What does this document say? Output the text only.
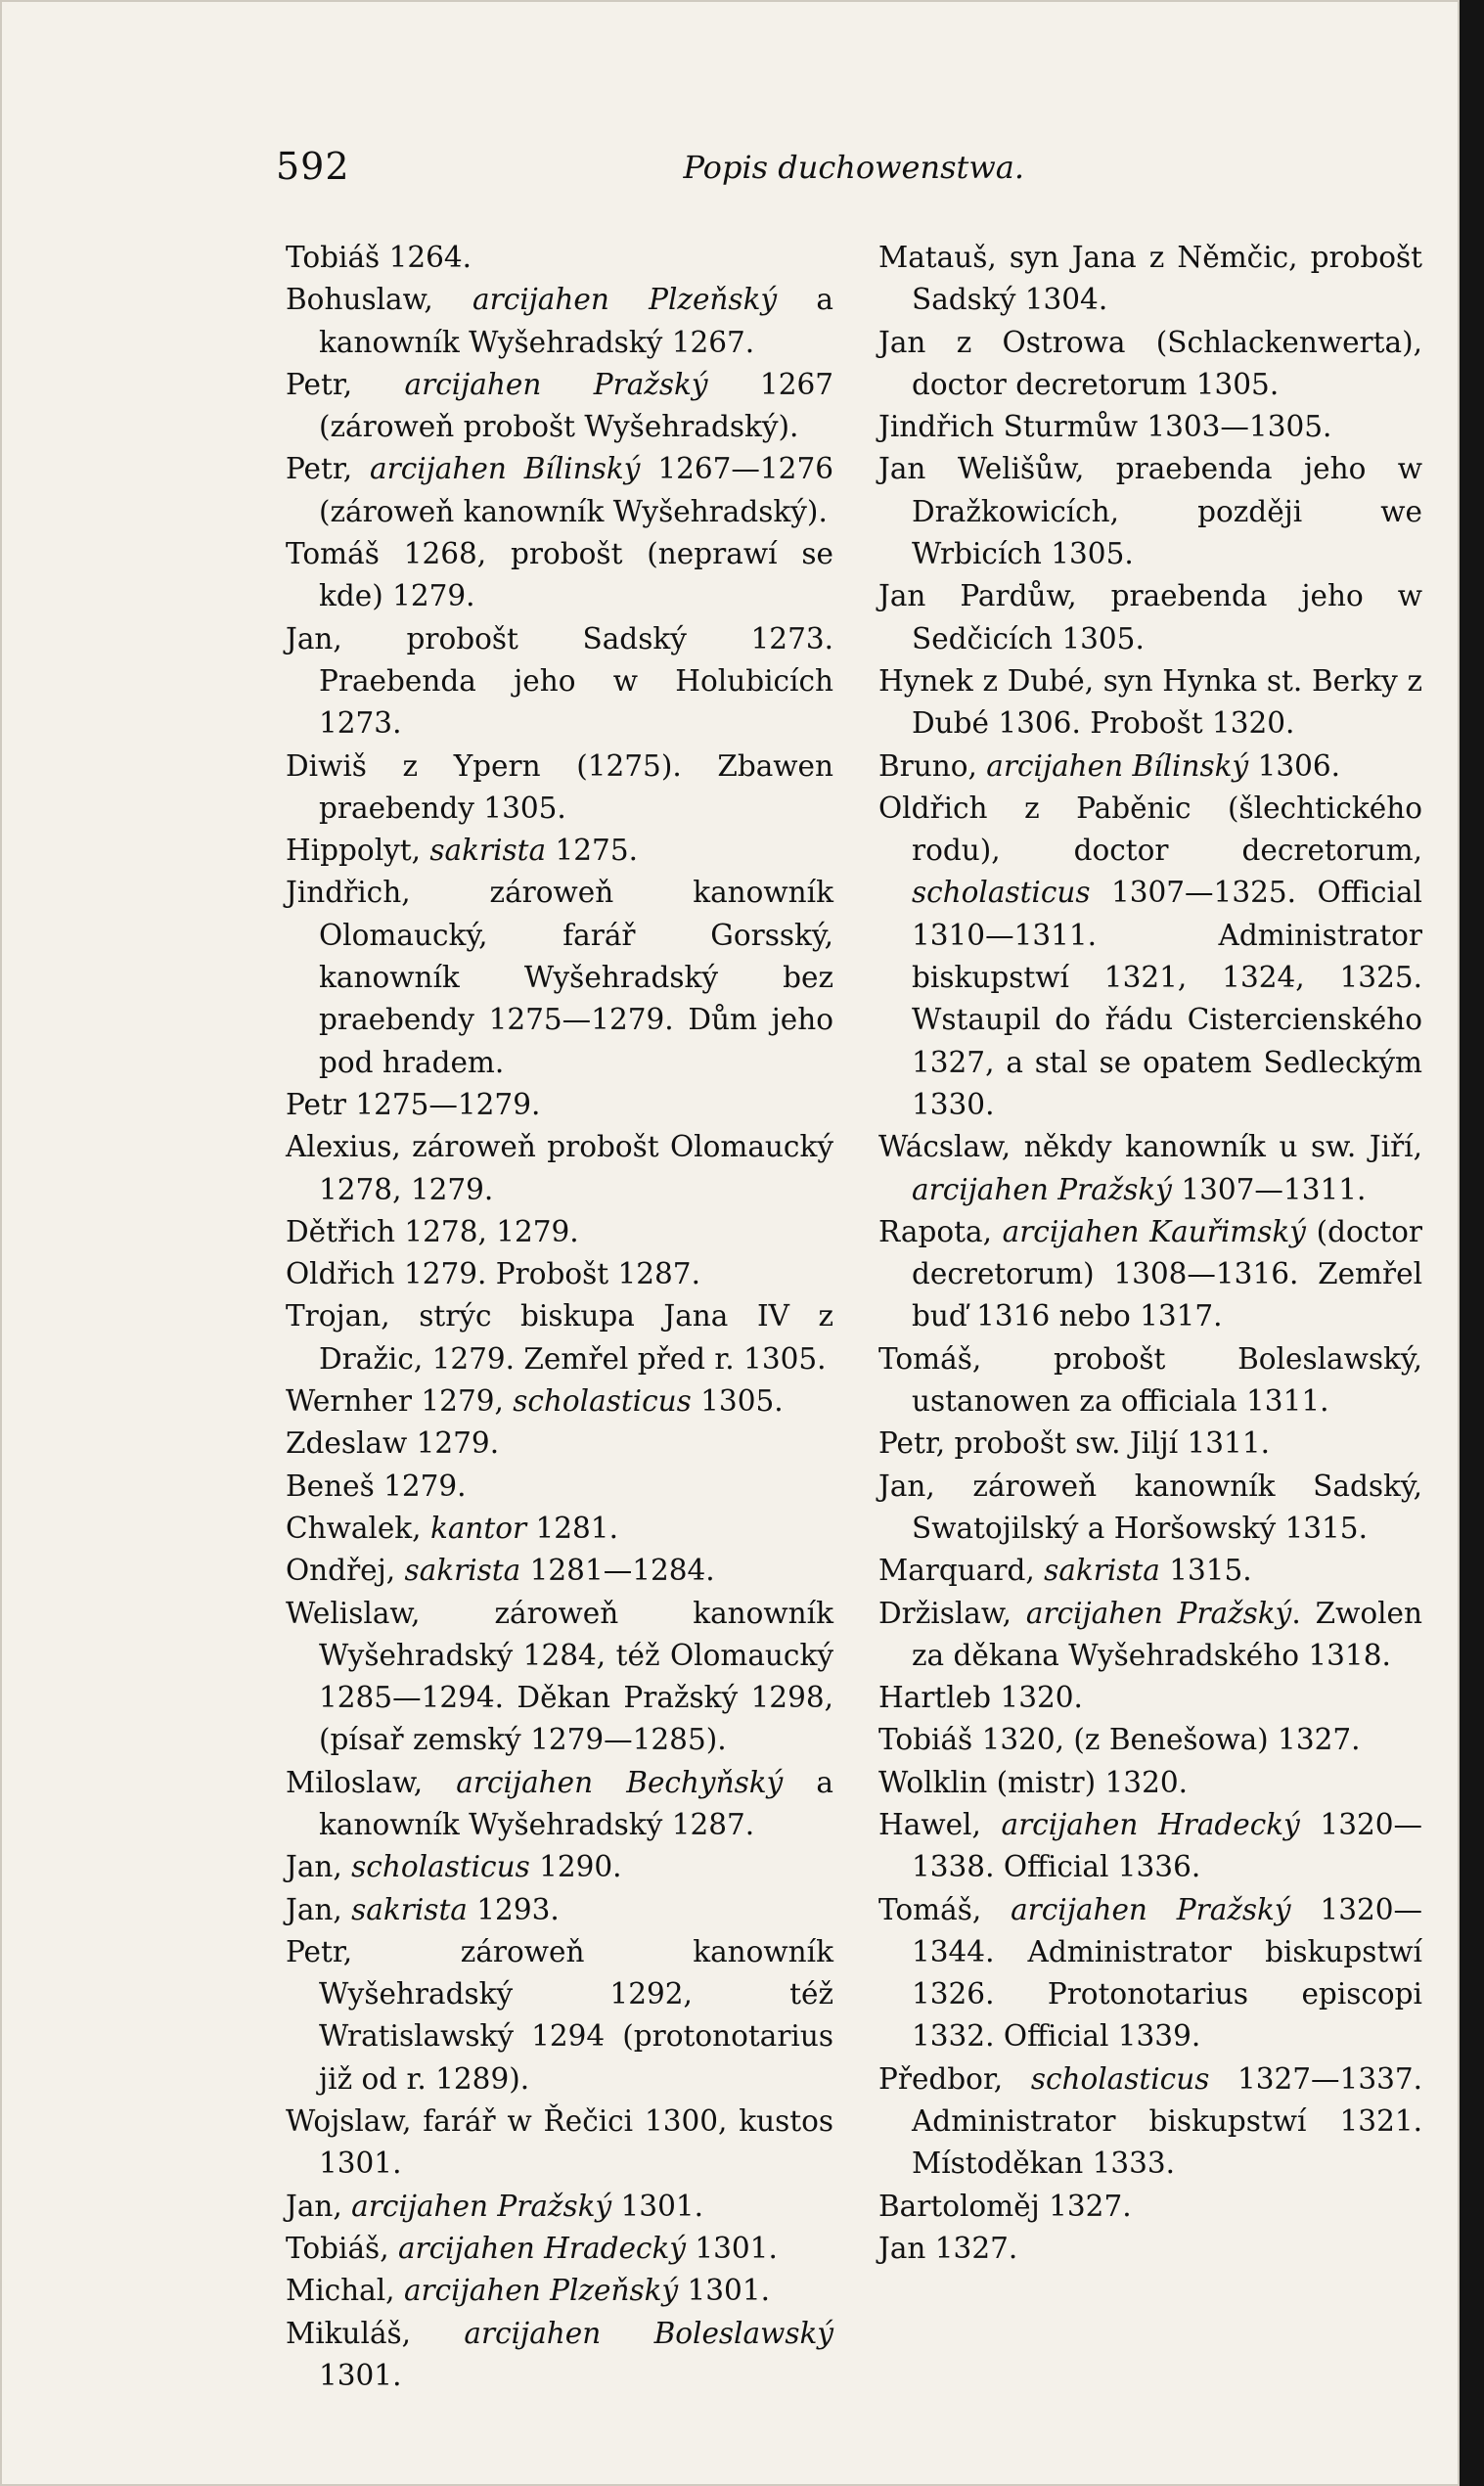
592	Popis duchowenstwa.
Tobiáš 1264.
Bohuslaw, arcijahen Plzeňský a kanowník Wyšehradský 1267.
Petr, arcijahen Pražský 1267 (zároweň probošt Wyšehradský).
Petr, arcijahen Bílinský 1267—1276 (zároweň kanowník Wyšehradský).
Tomáš 1268, probošt (neprawí se kde) 1279.
Jan, probošt Sadský 1273. Praebenda jeho w Holubicích 1273.
Diwiš z Ypern (1275). Zbawen praebendy 1305.
Hippolyt, sakrista 1275.
Jindřich, zároweň kanowník Olomaucký, farář Gorsský, kanowník Wyšehradský bez praebendy 1275—1279. Dům jeho pod hradem.
Petr 1275—1279.
Alexius, zároweň probošt Olomaucký 1278, 1279.
Dětřich 1278, 1279.
Oldřich 1279. Probošt 1287.
Trojan, strýc biskupa Jana IV z Dražic, 1279. Zemřel před r. 1305.
Wernher 1279, scholasticus 1305.
Zdeslaw 1279.
Beneš 1279.
Chwalek, kantor 1281.
Ondřej, sakrista 1281—1284.
Welislaw, zároweň kanowník Wyšehradský 1284, též Olomaucký 1285—1294. Děkan Pražský 1298, (písař zemský 1279—1285).
Miloslaw, arcijahen Bechyňský a kanowník Wyšehradský 1287.
Jan, scholasticus 1290.
Jan, sakrista 1293.
Petr, zároweň kanowník Wyšehradský 1292, též Wratislawský 1294 (protonotarius již od r. 1289).
Wojslaw, farář w Řečici 1300, kustos 1301.
Jan, arcijahen Pražský 1301.
Tobiáš, arcijahen Hradecký 1301.
Michal, arcijahen Plzeňský 1301.
Mikuláš, arcijahen Boleslawský 1301.
Matauš, syn Jana z Němčic, probošt Sadský 1304.
Jan z Ostrowa (Schlackenwerta), doctor decretorum 1305.
Jindřich Sturmůw 1303—1305.
Jan Welišůw, praebenda jeho w Dražkowicích, později we Wrbicích 1305.
Jan Pardůw, praebenda jeho w Sedčicích 1305.
Hynek z Dubé, syn Hynka st. Berky z Dubé 1306. Probošt 1320.
Bruno, arcijahen Bílinský 1306.
Oldřich z Paběnic (šlechtického rodu), doctor decretorum, scholasticus 1307—1325. Official 1310—1311. Administrator biskupstwí 1321, 1324, 1325. Wstaupil do řádu Cistercienského 1327, a stal se opatem Sedleckým 1330.
Wácslaw, někdy kanowník u sw. Jiří, arcijahen Pražský 1307—1311.
Rapota, arcijahen Kauřimský (doctor decretorum) 1308—1316. Zemřel buď 1316 nebo 1317.
Tomáš, probošt Boleslawský, ustanowen za officiala 1311.
Petr, probošt sw. Jiljí 1311.
Jan, zároweň kanowník Sadský, Swatojilský a Horšowský 1315.
Marquard, sakrista 1315.
Držislaw, arcijahen Pražský. Zwolen za děkana Wyšehradského 1318.
Hartleb 1320.
Tobiáš 1320, (z Benešowa) 1327.
Wolklin (mistr) 1320.
Hawel, arcijahen Hradecký 1320—1338. Official 1336.
Tomáš, arcijahen Pražský 1320—1344. Administrator biskupstwí 1326. Protonotarius episcopi 1332. Official 1339.
Předbor, scholasticus 1327—1337. Administrator biskupstwí 1321. Místoděkan 1333.
Bartoloměj 1327.
Jan 1327.
